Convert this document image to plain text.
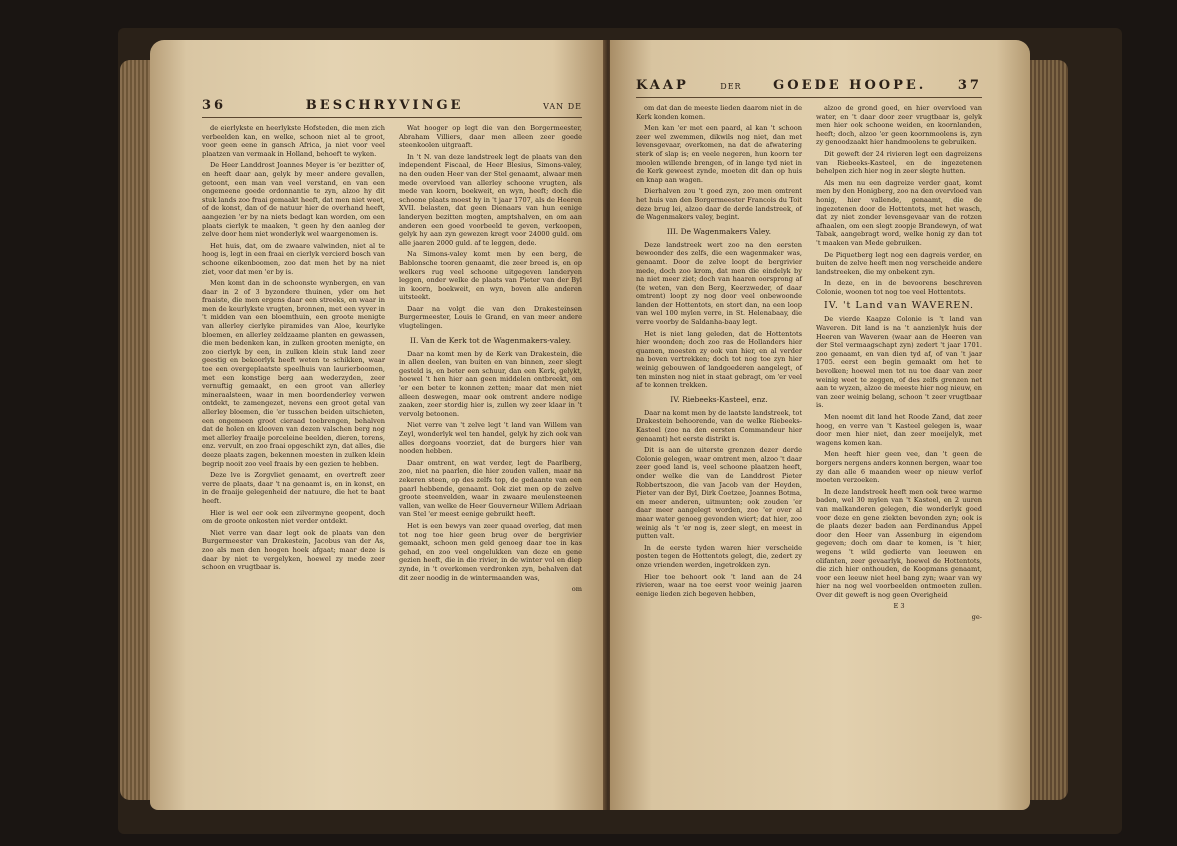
36	BESCHRYVINGE	VAN DE

de eierlykste en heerlykste Hofsteden, die men zich verbeelden kan, en welke, schoon niet al te groot, voor geen eene in gansch Africa, ja niet voor veel plaatzen van vermaak in Holland, behoeft te wyken.

De Heer Landdrost Joannes Meyer is 'er bezitter of, en heeft daar aan, gelyk by meer andere gevallen, getoont, een man van veel verstand, en van een ongemeene goede ordonnantie te zyn, alzoo hy dit stuk lands zoo fraai gemaakt heeft, dat men niet weet, of de konst, dan of de natuur hier de overhand heeft, aangezien 'er by na niets bedagt kan worden, om een plaats cierlyk te maaken, 't geen hy den aanleg der zelve door hem niet wonderlyk wel waargenomen is.

Het huis, dat, om de zwaare valwinden, niet al te hoog is, legt in een fraai en cierlyk vercierd bosch van schoone eikenboomen, zoo dat men het by na niet ziet, voor dat men 'er by is.

Men komt dan in de schoonste wynbergen, en van daar in 2 of 3 byzondere thuinen, yder om het fraaiste, die men ergens daar een streeks, en waar in men de keurlykste vrugten, bronnen, met een vyver in 't midden van een bloemthuin, een groote menigte van allerley cierlyke piramides van Aloe, keurlyke bloemen, en allerley zeldzaame planten en gewassen, die men bedenken kan, in zulken grooten menigte, en zoo cierlyk by een, in zulken klein stuk land zeer geestig en bekoorlyk heeft weten te schikken, waar toe een overgeplaatste speelhuis van laurierboomen, met een konstige berg aan wederzyden, zeer vernuftig gemaakt, en een groot van allerley mineraalsteen, waar in men boordenderley verwen ontdekt, te zamengezet, nevens een groot getal van allerley bloemen, die 'er tusschen beiden uitschieten, een ongemeen groot cieraad toebrengen, behalven dat de holen en klooven van dezen valschen berg nog met allerley fraaije porceleine beelden, dieren, torens, enz. vervult, en zoo fraai opgeschikt zyn, dat alles, die deeze plaats zagen, bekennen moesten in zulken klein begrip nooit zoo veel fraais by een gezien te hebben.

Deze lve is Zorgvliet genaamt, en overtreft zeer verre de plaats, daar 't na genaamt is, en in konst, en in de fraaije gelegenheid der natuure, die het te baat heeft.

Hier is wel eer ook een zilvermyne geopent, doch om de groote onkosten niet verder ontdekt.

Niet verre van daar legt ook de plaats van den Burgermeester van Drakestein, Jacobus van der As, zoo als men den hoogen hoek afgaat; maar deze is daar by niet te vergelyken, hoewel zy mede zeer schoon en vrugtbaar is.

Wat hooger op legt die van den Borgermeester, Abraham Villiers, daar men alleen zeer goede steenkoolen uitgraaft.

In 't N. van deze landstreek legt de plaats van den independent Fiscaal, de Heer Blesius, Simons-valey, na den ouden Heer van der Stel genaamt, alwaar men mede overvloed van allerley schoone vrugten, als mede van koorn, boekweit, en wyn, heeft; doch die schoone plaats moest hy in 't jaar 1707, als de Heeren XVII. belasten, dat geen Dienaars van hun eenige landeryen bezitten mogten, amptshalven, en om aan anderen een goed voorbeeld te geven, verkoopen, gelyk hy aan zyn gewezen kregt voor 24000 guld. om alle jaaren 2000 guld. af te leggen, dede.

Na Simons-valey komt men by een berg, de Bablonsche tooren genaamt, die zeer breed is, en op welkers rug veel schoone uitgegeven landeryen leggen, onder welke de plaats van Pieter van der Byl in koorn, boekweit, en wyn, boven alle anderen uitsteekt.

Daar na volgt die van den Drakesteinsen Burgermeester, Louis le Grand, en van meer andere vlugtelingen.

II. Van de Kerk tot de Wagenmakers-valey.

Daar na komt men by de Kerk van Drakestein, die in allen deelen, van buiten en van binnen, zeer slegt gesteld is, en beter een schuur, dan een Kerk, gelykt, hoewel 't hen hier aan geen middelen ontbreekt, om 'er een beter te konnen zetten; maar dat men niet alleen deswegen, maar ook omtrent andere nodige zaaken, zeer stordig hier is, zullen wy zeer klaar in 't vervolg betoonen.

Niet verre van 't zelve legt 't land van Willem van Zeyl, wonderlyk wel ten handel, gelyk hy zich ook van alles dorgoans voorziet, dat de burgers hier van nooden hebben.

Daar omtrent, en wat verder, legt de Paarlberg, zoo, niet na paarlen, die hier zouden vallen, maar na zekeren steen, op des zelfs top, de gedaante van een paarl hebbende, genaamt. Ook ziet men op de zelve groote steenvelden, waar in zwaare meulensteenen vallen, van welke de Heer Gouverneur Willem Adriaan van Stel 'er meest eenige gebruikt heeft.

Het is een bewys van zeer quaad overleg, dat men tot nog toe hier geen brug over de bergrivier gemaakt, schoon men geld genoeg daar toe in kas gehad, en zoo veel ongelukken van deze en gene gezien heeft, die in die rivier, in de winter vol en diep zynde, in 't overkomen verdronken zyn, behalven dat dit zeer noodig in de wintermaanden was,

om
KAAP	DER GOEDE HOOPE. 37

om dat dan de meeste lieden daarom niet in de Kerk konden komen.

Men kan 'er met een paard, al kan 't schoon zeer wel zwemmen, dikwils nog niet, dan met levensgevaar, overkomen, na dat de afwatering sterk of slap is; en veele negeren, hun koorn ter moolen willende brengen, of in lange tyd niet in de Kerk geweest zynde, moeten dit dan op huis en knap aan wagen.

Dierhalven zou 't goed zyn, zoo men omtrent het huis van den Borgermeester Francois du Toit deze brug lei, alzoo daar de derde landstreek, of de Wagenmakers valey, begint.

III. De Wagenmakers Valey.

Deze landstreek wert zoo na den eersten bewoonder des zelfs, die een wagenmaker was, genaamt. Door de zelve loopt de bergrivier mede, doch zoo krom, dat men die eindelyk by na niet meer ziet; doch van haaren oorsprong af (te weten, van den Berg, Keerzweder, of daar omtrent) loopt zy nog door veel onbewoonde landen der Hottentots, en stort dan, na een loop van wel 100 mylen verre, in St. Helenabaay, die verre voorby de Saldanha-baay legt.

Het is niet lang geleden, dat de Hottentots hier woonden; doch zoo ras de Hollanders hier quamen, moesten zy ook van hier, en al verder na boven vertrekken; doch tot nog toe zyn hier weinig gebouwen of landgoederen aangelegt, of ten minsten nog niet in staat gebragt, om 'er veel af te konnen trekken.

IV. Riebeeks-Kasteel, enz.

Daar na komt men by de laatste landstreek, tot Drakestein behoorende, van de welke Riebeeks-Kasteel (zoo na den eersten Commandeur hier genaamt) het eerste distrikt is.

Dit is aan de uiterste grenzen dezer derde Colonie gelegen, waar omtrent men, alzoo 't daar zeer goed land is, veel schoone plaatzen heeft, onder welke die van de Landdrost Pieter Robbertszoon, die van Jacob van der Heyden, Pieter van der Byl, Dirk Coetzee, Joannes Botma, en meer anderen, uitmunten; ook zouden 'er daar meer aangelegt worden, zoo 'er over al maar water genoeg gevonden wiert; dat hier, zoo weinig als 't 'er nog is, zeer slegt, en meest in putten valt.

In de eerste tyden waren hier verscheide posten tegen de Hottentots gelegt, die, zedert zy onze vrienden werden, ingetrokken zyn.

Hier toe behoort ook 't land aan de 24 rivieren, waar na toe eerst voor weinig jaaren eenige lieden zich begeven hebben,

alzoo de grond goed, en hier overvloed van water, en 't daar door zeer vrugtbaar is, gelyk men hier ook schoone weiden, en koornlanden, heeft; doch, alzoo 'er geen koornmoolens is, zyn zy genoodzaakt hier handmoolens te gebruiken.

Dit geweft der 24 rivieren legt een dagreizens van Riebeeks-Kasteel, en de ingezetenen behelpen zich hier nog in zeer slegte hutten.

Als men nu een dagreize verder gaat, komt men by den Honigberg, zoo na den overvloed van honig, hier vallende, genaamt, die de ingezetenen door de Hottentots, met het wasch, dat zy niet zonder levensgevaar van de rotzen afhaalen, om een slegt zoopje Brandewyn, of wat Tabak, aangebragt word, welke honig zy dan tot 't maaken van Mede gebruiken.

De Piquetberg legt nog een dagreis verder, en buiten de zelve heeft men nog verscheide andere landstreeken, die my onbekent zyn.

In deze, en in de bevoorens beschreven Colonie, woonen tot nog toe veel Hottentots.

IV. 't Land van WAVEREN.

De vierde Kaapze Colonie is 't land van Waveren. Dit land is na 't aanzienlyk huis der Heeren van Waveren (waar aan de Heeren van der Stel vermaagschapt zyn) zedert 't jaar 1701. zoo genaamt, en van dien tyd af, of van 't jaar 1705. eerst een begin gemaakt om het te bevolken; hoewel men tot nu toe daar van zeer weinig weet te zeggen, of des zelfs grenzen net aan te wyzen, alzoo de meeste hier nog nieuw, en van zeer weinig belang, schoon 't zeer vrugtbaar is.

Men noemt dit land het Roode Zand, dat zeer hoog, en verre van 't Kasteel gelegen is, waar door men hier niet, dan zeer moeijelyk, met wagens komen kan.

Men heeft hier geen vee, dan 't geen de borgers nergens anders konnen bergen, waar toe zy dan alle 6 maanden weer op nieuw verlof moeten verzoeken.

In deze landstreek heeft men ook twee warme baden, wel 30 mylen van 't Kasteel, en 2 uuren van malkanderen gelegen, die wonderlyk goed voor deze en gene ziekten bevonden zyn; ook is de plaats dezer baden aan Ferdinandus Appel door den Heer van Assenburg in eigendom gegeven; doch om daar te komen, is 't hier, wegens 't wild gedierte van leeuwen en olifanten, zeer gevaarlyk, hoewel de Hottentots, die zich hier onthouden, de Koopmans genaamt, voor een leeuw niet heel bang zyn; waar van wy hier na nog wel voorbeelden ontmoeten zullen. Over dit geweft is nog geen Overigheid

E 3
ge-
